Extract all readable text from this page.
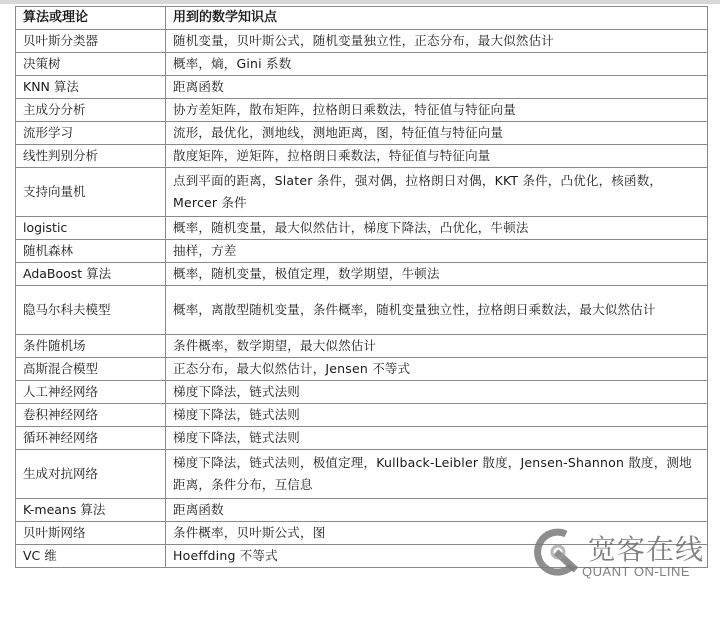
算法或理论	用到的数学知识点
贝叶斯分类器	随机变量，贝叶斯公式，随机变量独立性，正态分布，最大似然估计
决策树	概率，熵，Gini 系数
KNN 算法	距离函数
主成分分析	协方差矩阵，散布矩阵，拉格朗日乘数法，特征值与特征向量
流形学习	流形，最优化，测地线，测地距离，图，特征值与特征向量
线性判别分析	散度矩阵，逆矩阵，拉格朗日乘数法，特征值与特征向量
支持向量机	点到平面的距离，Slater 条件，强对偶，拉格朗日对偶，KKT 条件，凸优化，核函数，Mercer 条件
logistic	概率，随机变量，最大似然估计，梯度下降法，凸优化，牛顿法
随机森林	抽样，方差
AdaBoost 算法	概率，随机变量，极值定理，数学期望，牛顿法
隐马尔科夫模型	概率，离散型随机变量，条件概率，随机变量独立性，拉格朗日乘数法，最大似然估计
条件随机场	条件概率，数学期望，最大似然估计
高斯混合模型	正态分布，最大似然估计，Jensen 不等式
人工神经网络	梯度下降法，链式法则
卷积神经网络	梯度下降法，链式法则
循环神经网络	梯度下降法，链式法则
生成对抗网络	梯度下降法，链式法则，极值定理，Kullback-Leibler 散度，Jensen-Shannon 散度，测地距离，条件分布，互信息
K-means 算法	距离函数
贝叶斯网络	条件概率，贝叶斯公式，图
VC 维	Hoeffding 不等式	宽客在线
QUANT ON-LINE
